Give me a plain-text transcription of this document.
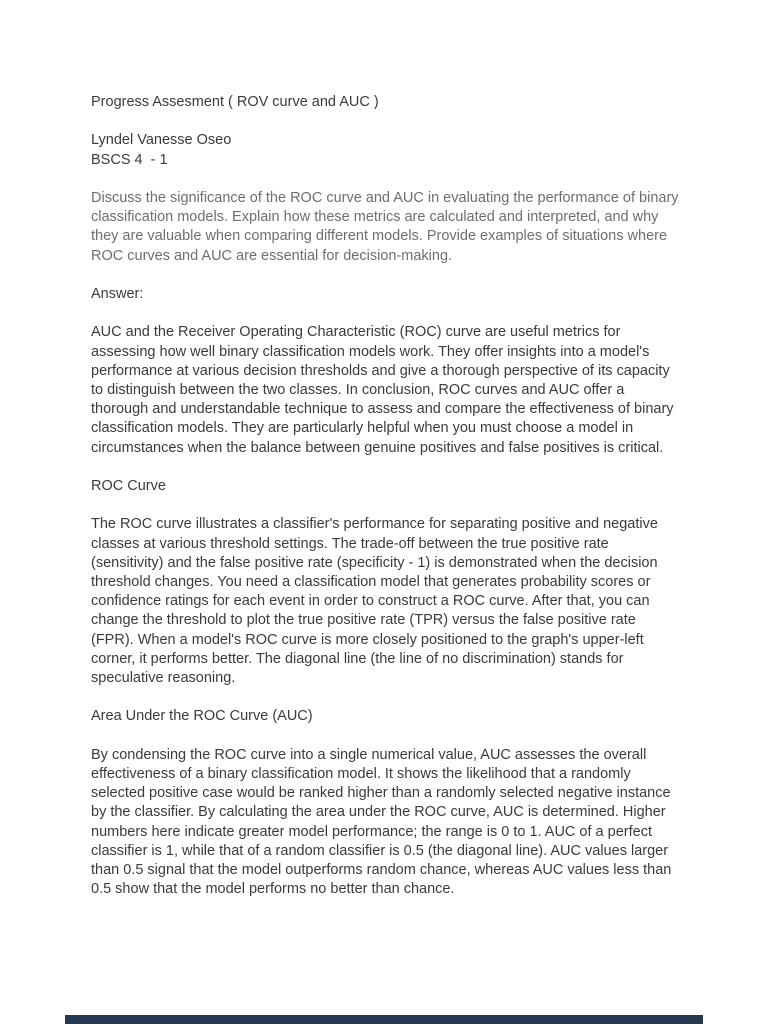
Progress Assesment ( ROV curve and AUC )

Lyndel Vanesse Oseo

BSCS 4  - 1

Discuss the significance of the ROC curve and AUC in evaluating the performance of binary classification models. Explain how these metrics are calculated and interpreted, and why they are valuable when comparing different models. Provide examples of situations where ROC curves and AUC are essential for decision-making.

Answer:

AUC and the Receiver Operating Characteristic (ROC) curve are useful metrics for assessing how well binary classification models work. They offer insights into a model's performance at various decision thresholds and give a thorough perspective of its capacity to distinguish between the two classes. In conclusion, ROC curves and AUC offer a thorough and understandable technique to assess and compare the effectiveness of binary classification models. They are particularly helpful when you must choose a model in circumstances when the balance between genuine positives and false positives is critical.

ROC Curve

The ROC curve illustrates a classifier's performance for separating positive and negative classes at various threshold settings. The trade-off between the true positive rate (sensitivity) and the false positive rate (specificity - 1) is demonstrated when the decision threshold changes. You need a classification model that generates probability scores or confidence ratings for each event in order to construct a ROC curve. After that, you can change the threshold to plot the true positive rate (TPR) versus the false positive rate (FPR). When a model's ROC curve is more closely positioned to the graph's upper-left corner, it performs better. The diagonal line (the line of no discrimination) stands for speculative reasoning.

Area Under the ROC Curve (AUC)

By condensing the ROC curve into a single numerical value, AUC assesses the overall effectiveness of a binary classification model. It shows the likelihood that a randomly selected positive case would be ranked higher than a randomly selected negative instance by the classifier. By calculating the area under the ROC curve, AUC is determined. Higher numbers here indicate greater model performance; the range is 0 to 1. AUC of a perfect classifier is 1, while that of a random classifier is 0.5 (the diagonal line). AUC values larger than 0.5 signal that the model outperforms random chance, whereas AUC values less than 0.5 show that the model performs no better than chance.
